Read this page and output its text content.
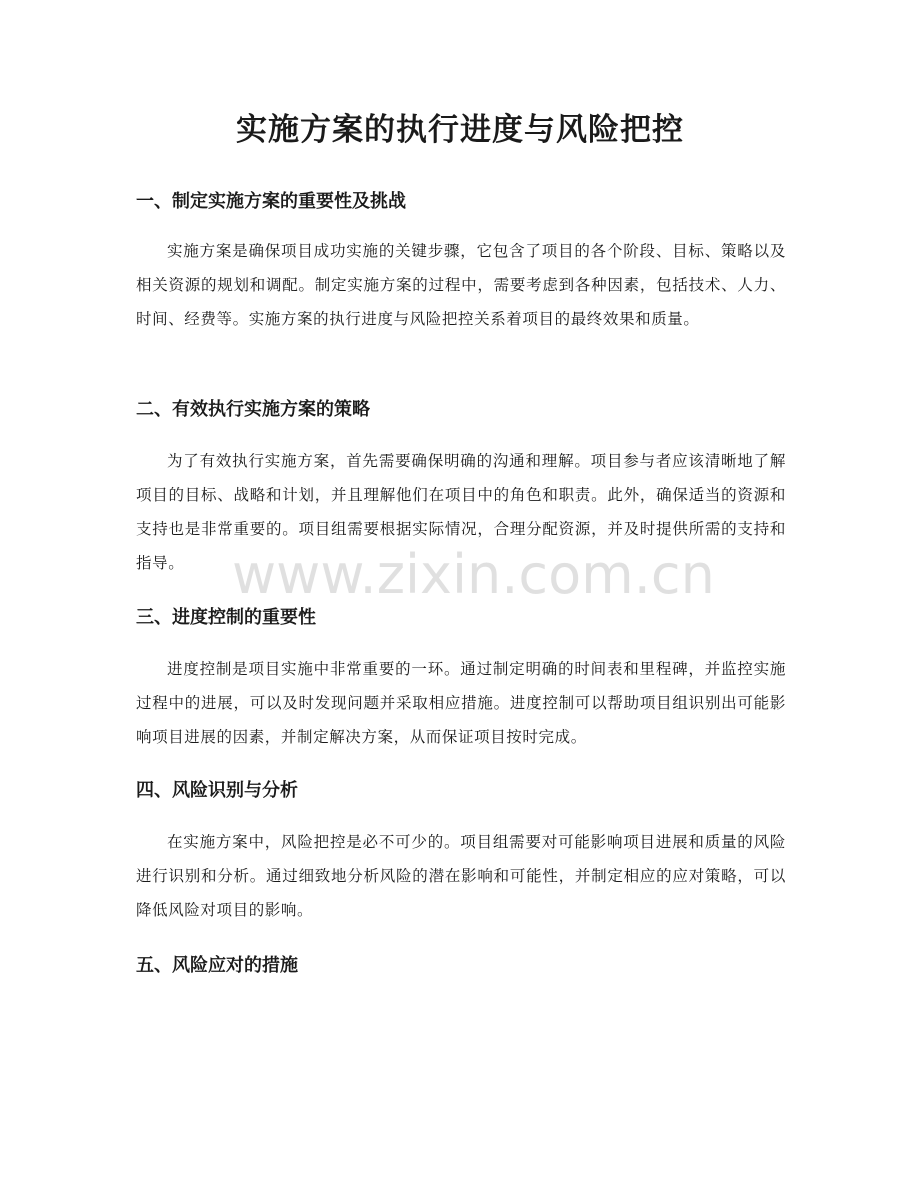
实施方案的执行进度与风险把控
一、制定实施方案的重要性及挑战

实施方案是确保项目成功实施的关键步骤，它包含了项目的各个阶段、目标、策略以及相关资源的规划和调配。制定实施方案的过程中，需要考虑到各种因素，包括技术、人力、时间、经费等。实施方案的执行进度与风险把控关系着项目的最终效果和质量。

二、有效执行实施方案的策略

为了有效执行实施方案，首先需要确保明确的沟通和理解。项目参与者应该清晰地了解项目的目标、战略和计划，并且理解他们在项目中的角色和职责。此外，确保适当的资源和支持也是非常重要的。项目组需要根据实际情况，合理分配资源，并及时提供所需的支持和指导。

三、进度控制的重要性

进度控制是项目实施中非常重要的一环。通过制定明确的时间表和里程碑，并监控实施过程中的进展，可以及时发现问题并采取相应措施。进度控制可以帮助项目组识别出可能影响项目进展的因素，并制定解决方案，从而保证项目按时完成。

四、风险识别与分析

在实施方案中，风险把控是必不可少的。项目组需要对可能影响项目进展和质量的风险进行识别和分析。通过细致地分析风险的潜在影响和可能性，并制定相应的应对策略，可以降低风险对项目的影响。

五、风险应对的措施
www.zixin.com.cn
